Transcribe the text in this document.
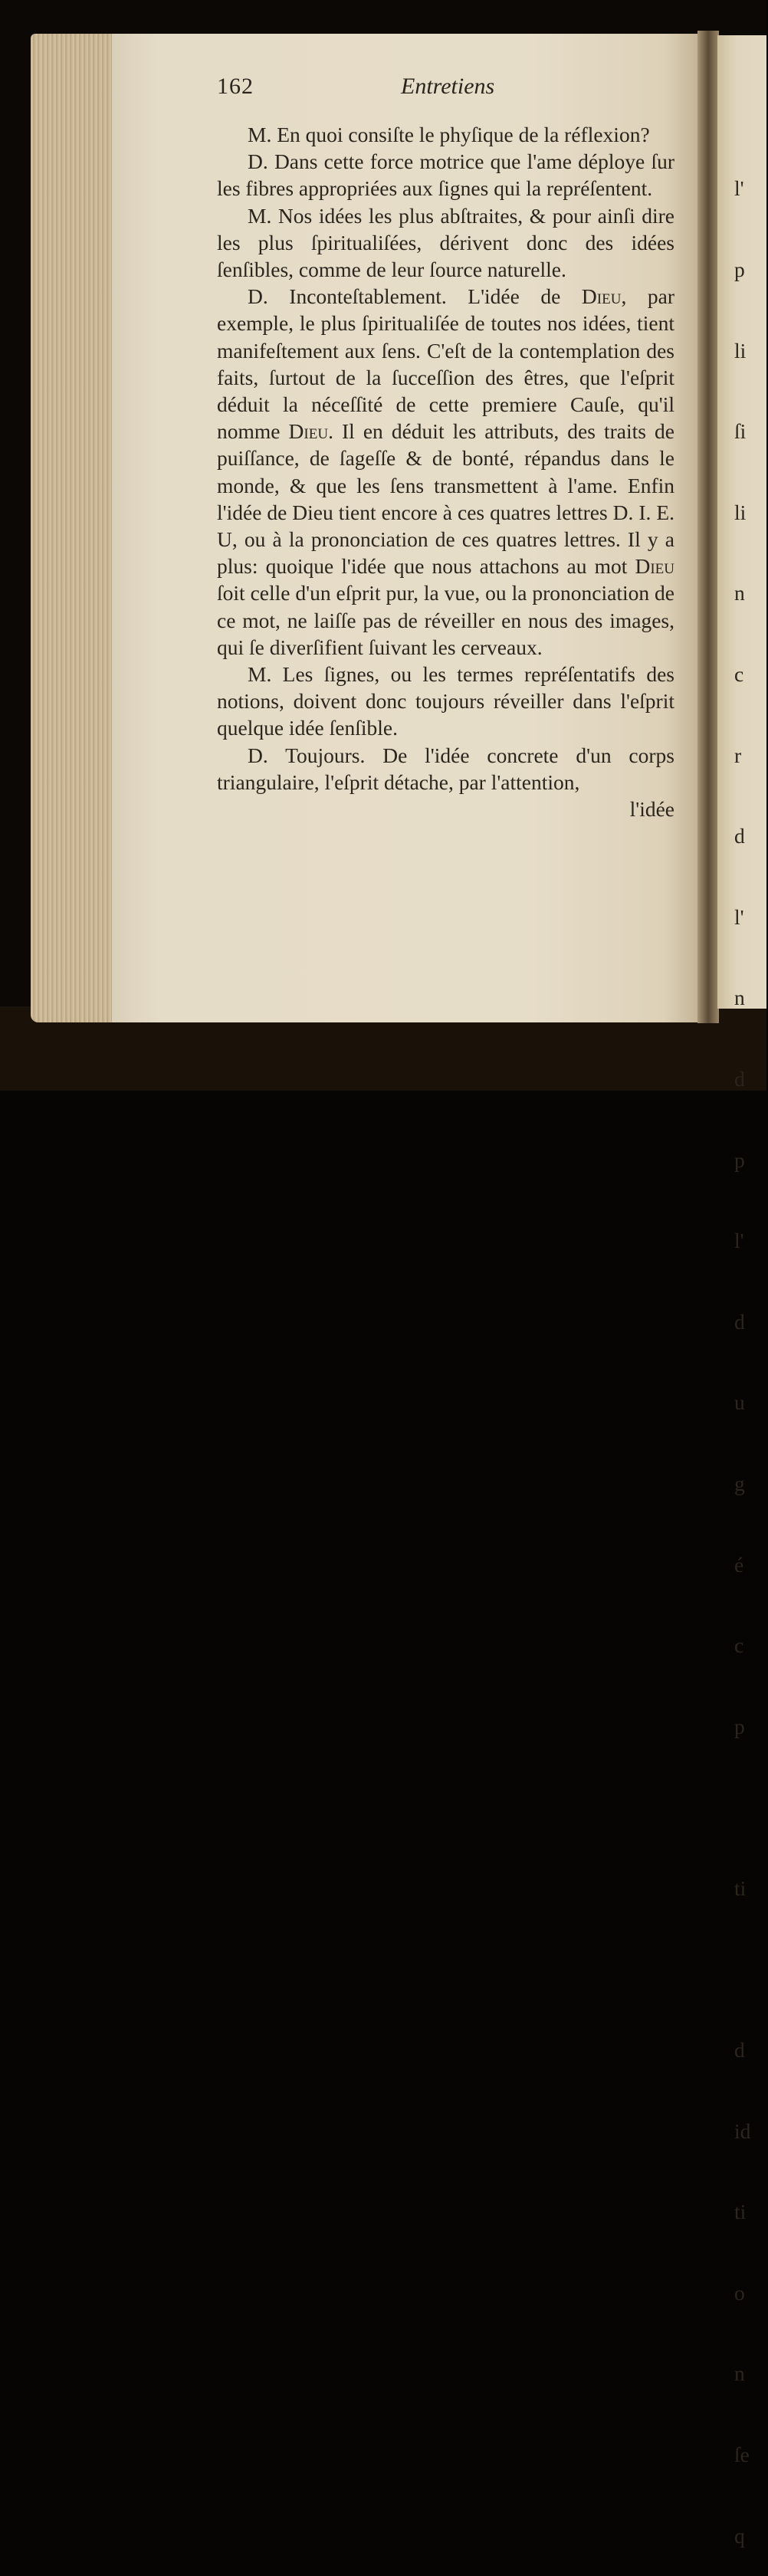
162	Entretiens

M. En quoi consiſte le phyſique de la réflexion?

D. Dans cette force motrice que l'ame déploye ſur les fibres appropriées aux ſignes qui la repréſentent.

M. Nos idées les plus abſtraites, & pour ainſi dire les plus ſpiritualiſées, dérivent donc des idées ſenſibles, comme de leur ſource naturelle.

D. Inconteſtablement. L'idée de Dieu, par exemple, le plus ſpiritualiſée de toutes nos idées, tient manifeſtement aux ſens. C'eſt de la contemplation des faits, ſurtout de la ſucceſſion des êtres, que l'eſprit déduit la néceſſité de cette premiere Cauſe, qu'il nomme Dieu. Il en déduit les attributs, des traits de puiſſance, de ſageſſe & de bonté, répandus dans le monde, & que les ſens transmettent à l'ame. Enfin l'idée de Dieu tient encore à ces quatres lettres D. I. E. U, ou à la prononciation de ces quatres lettres. Il y a plus: quoique l'idée que nous attachons au mot Dieu ſoit celle d'un eſprit pur, la vue, ou la prononciation de ce mot, ne laiſſe pas de réveiller en nous des images, qui ſe diverſifient ſuivant les cerveaux.

M. Les ſignes, ou les termes repréſentatifs des notions, doivent donc toujours réveiller dans l'eſprit quelque idée ſenſible.

D. Toujours. De l'idée concrete d'un corps triangulaire, l'eſprit détache, par l'attention,

l'idée

l'

p

li

ſi

li

n

c

r

d

l'

n

d

p

l'

d

u

g

é

c

p

ti

d

id

ti

o

n

ſe

q
